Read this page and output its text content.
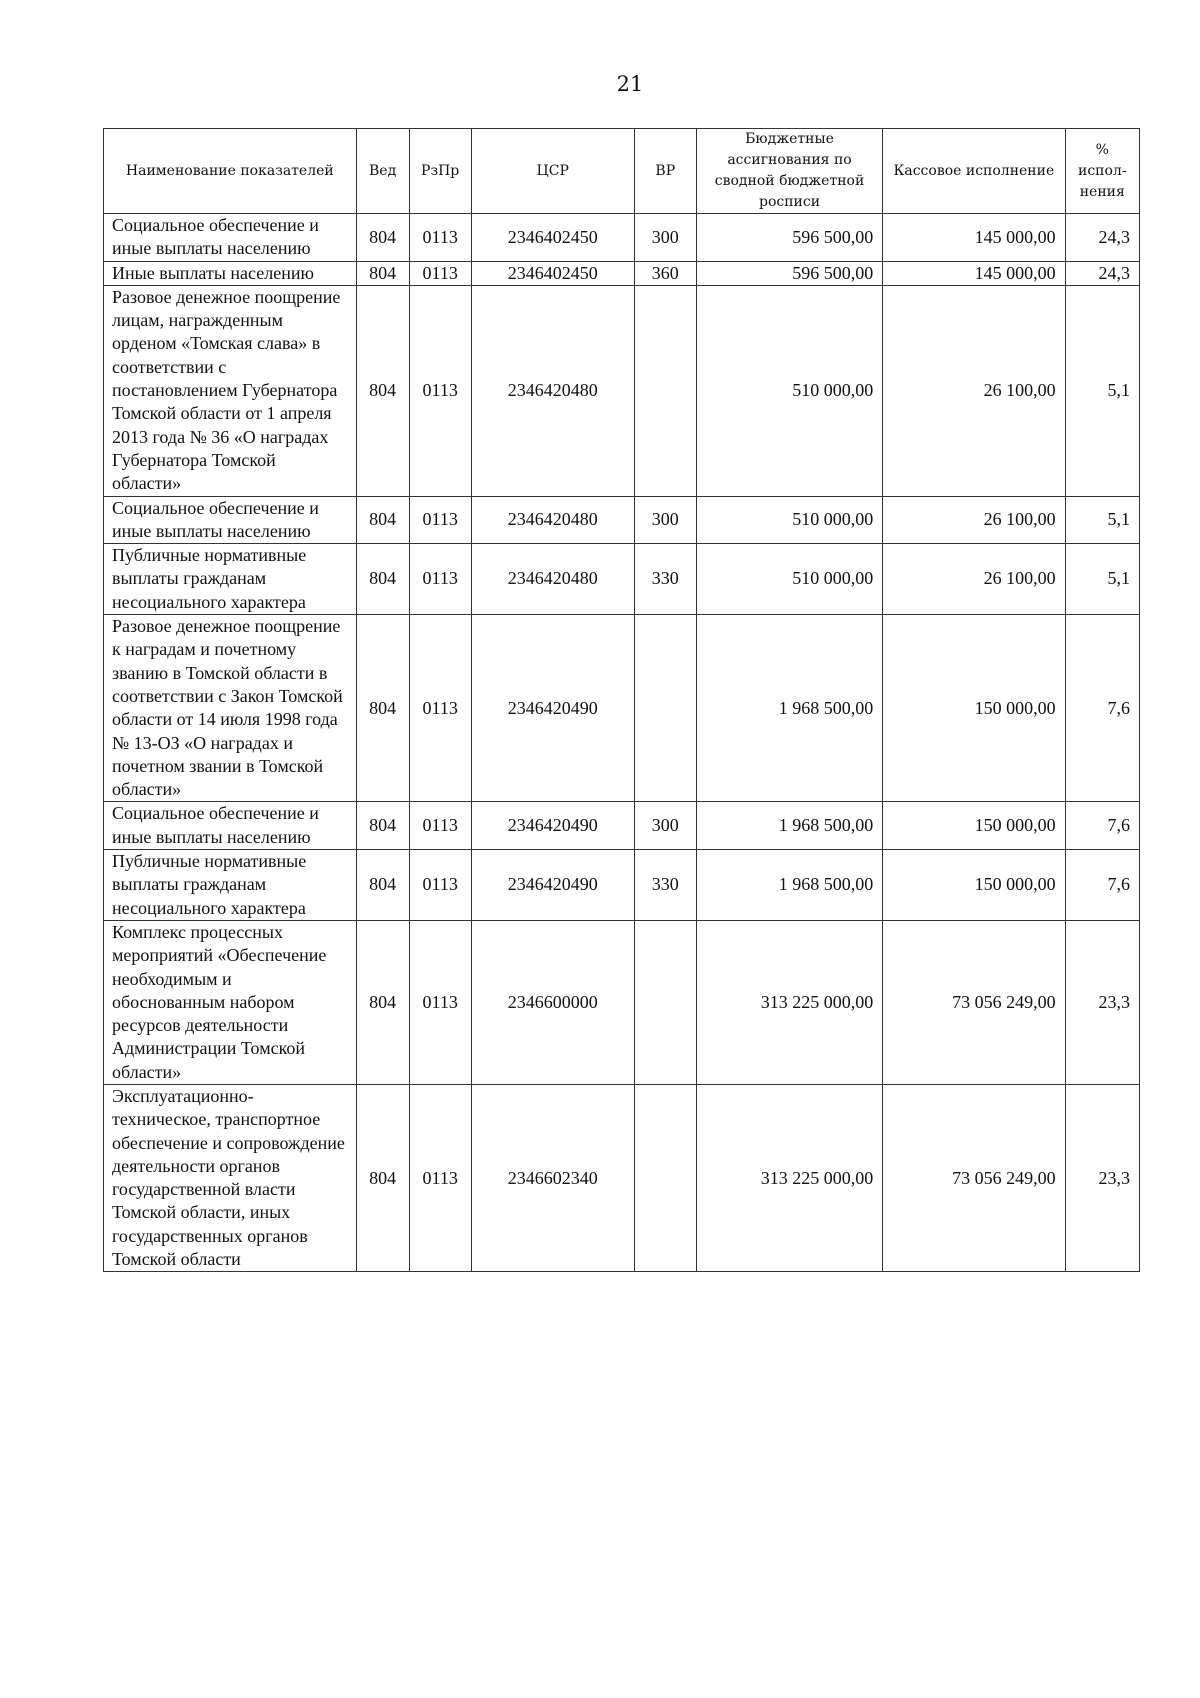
21
Наименование показателей	Вед	РзПр	ЦСР	ВР	Бюджетные ассигнования по сводной бюджетной росписи	Кассовое исполнение	% испол-нения
Социальное обеспечение и иные выплаты населению	804	0113	2346402450	300	596 500,00	145 000,00	24,3
Иные выплаты населению	804	0113	2346402450	360	596 500,00	145 000,00	24,3
Разовое денежное поощрение лицам, награжденным орденом «Томская слава» в соответствии с постановлением Губернатора Томской области от 1 апреля 2013 года № 36 «О наградах Губернатора Томской области»	804	0113	2346420480		510 000,00	26 100,00	5,1
Социальное обеспечение и иные выплаты населению	804	0113	2346420480	300	510 000,00	26 100,00	5,1
Публичные нормативные выплаты гражданам несоциального характера	804	0113	2346420480	330	510 000,00	26 100,00	5,1
Разовое денежное поощрение к наградам и почетному званию в Томской области в соответствии с Закон Томской области от 14 июля 1998 года № 13-ОЗ «О наградах и почетном звании в Томской области»	804	0113	2346420490		1 968 500,00	150 000,00	7,6
Социальное обеспечение и иные выплаты населению	804	0113	2346420490	300	1 968 500,00	150 000,00	7,6
Публичные нормативные выплаты гражданам несоциального характера	804	0113	2346420490	330	1 968 500,00	150 000,00	7,6
Комплекс процессных мероприятий «Обеспечение необходимым и обоснованным набором ресурсов деятельности Администрации Томской области»	804	0113	2346600000		313 225 000,00	73 056 249,00	23,3
Эксплуатационно-техническое, транспортное обеспечение и сопровождение деятельности органов государственной власти Томской области, иных государственных органов Томской области	804	0113	2346602340		313 225 000,00	73 056 249,00	23,3
